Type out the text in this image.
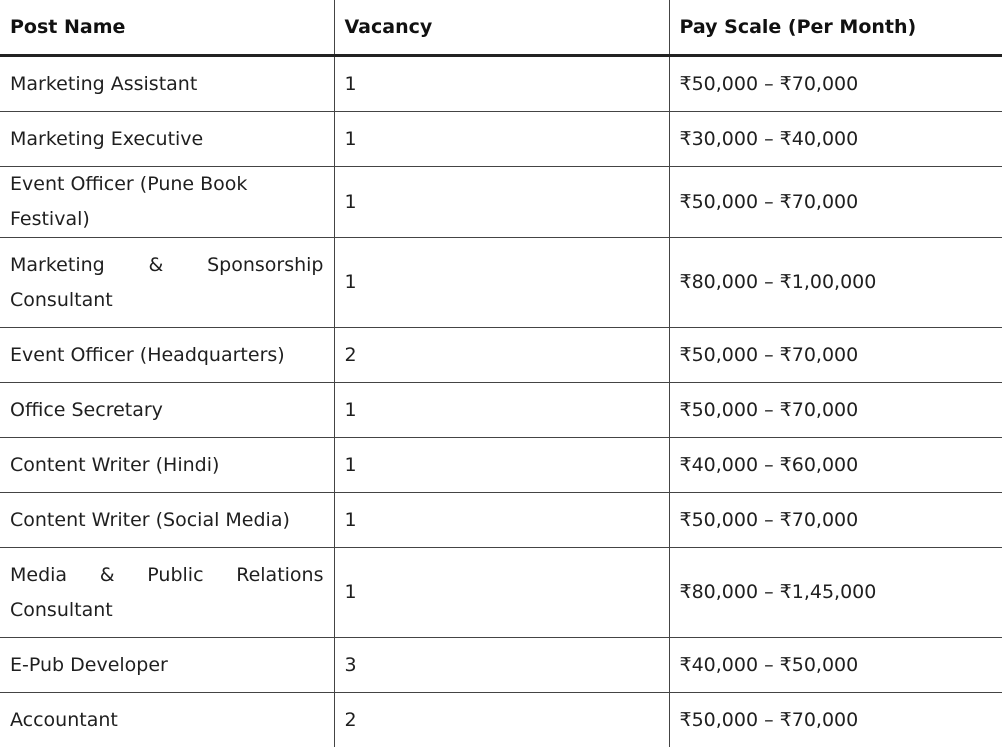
Post Name	Vacancy	Pay Scale (Per Month)
Marketing Assistant	1	₹50,000 – ₹70,000
Marketing Executive	1	₹30,000 – ₹40,000
Event Officer (Pune Book Festival)	1	₹50,000 – ₹70,000
Marketing & Sponsorship Consultant	1	₹80,000 – ₹1,00,000
Event Officer (Headquarters)	2	₹50,000 – ₹70,000
Office Secretary	1	₹50,000 – ₹70,000
Content Writer (Hindi)	1	₹40,000 – ₹60,000
Content Writer (Social Media)	1	₹50,000 – ₹70,000
Media & Public Relations Consultant	1	₹80,000 – ₹1,45,000
E-Pub Developer	3	₹40,000 – ₹50,000
Accountant	2	₹50,000 – ₹70,000
